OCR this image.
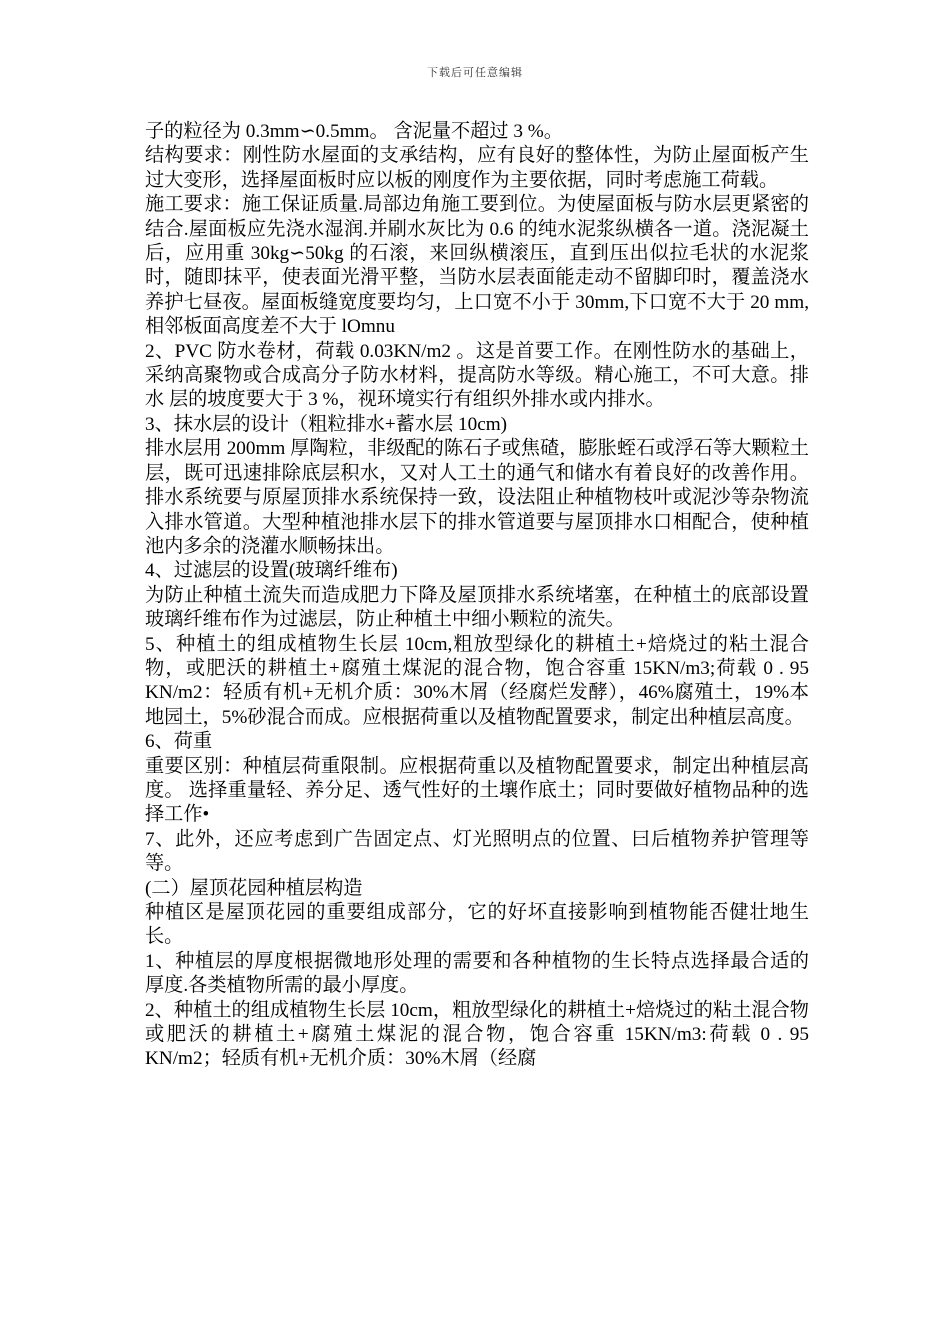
下载后可任意编辑

子的粒径为 0.3mm∽0.5mm。 含泥量不超过 3 %。

结构要求：刚性防水屋面的支承结构，应有良好的整体性，为防止屋面板产生 过大变形，选择屋面板时应以板的刚度作为主要依据，同时考虑施工荷载。

施工要求：施工保证质量.局部边角施工要到位。为使屋面板与防水层更紧密的结合.屋面板应先浇水湿润.并刷水灰比为 0.6 的纯水泥浆纵横各一道。浇泥凝土后，应用重 30kg∽50kg 的石滚，来回纵横滚压，直到压出似拉毛状的水泥浆时，随即抹平，使表面光滑平整，当防水层表面能走动不留脚印时，覆盖浇水养护七昼夜。屋面板缝宽度要均匀，上口宽不小于 30mm,下口宽不大于 20 mm,相邻板面高度差不大于 lOmnu

2、PVC 防水卷材，荷载 0.03KN/m2 。这是首要工作。在刚性防水的基础上， 采纳高聚物或合成高分子防水材料，提高防水等级。精心施工，不可大意。排水 层的坡度要大于 3 %，视环境实行有组织外排水或内排水。

3、抹水层的设计（粗粒排水+蓄水层 10cm)

排水层用 200mm 厚陶粒，非级配的陈石子或焦碴，膨胀蛭石或浮石等大颗粒土层，既可迅速排除底层积水，又对人工土的通气和储水有着良好的改善作用。 排水系统要与原屋顶排水系统保持一致，设法阻止种植物枝叶或泥沙等杂物流入排水管道。大型种植池排水层下的排水管道要与屋顶排水口相配合，使种植池内多余的浇灌水顺畅抹出。

4、过滤层的设置(玻璃纤维布)

为防止种植土流失而造成肥力下降及屋顶排水系统堵塞，在种植土的底部设置 玻璃纤维布作为过滤层，防止种植土中细小颗粒的流失。

5、种植土的组成植物生长层 10cm,粗放型绿化的耕植土+焙烧过的粘土混合物，或肥沃的耕植土+腐殖土煤泥的混合物，饱合容重 15KN/m3;荷载 0 . 95 KN/m2：轻质有机+无机介质：30%木屑（经腐烂发酵），46%腐殖土，19%本 地园土，5%砂混合而成。应根据荷重以及植物配置要求，制定出种植层高度。

6、荷重

重要区别：种植层荷重限制。应根据荷重以及植物配置要求，制定出种植层高度。 选择重量轻、养分足、透气性好的土壤作底土；同时要做好植物品种的选择工作•

7、此外，还应考虑到广告固定点、灯光照明点的位置、曰后植物养护管理等等。

(二）屋顶花园种植层构造

种植区是屋顶花园的重要组成部分，它的好坏直接影响到植物能否健壮地生长。

1、种植层的厚度根据微地形处理的需要和各种植物的生长特点选择最合适的 厚度.各类植物所需的最小厚度。

2、种植土的组成植物生长层 10cm，粗放型绿化的耕植土+焙烧过的粘土混合物或肥沃的耕植土+腐殖土煤泥的混合物，饱合容重 15KN/m3:荷载 0 . 95 KN/m2；轻质有机+无机介质：30%木屑（经腐
